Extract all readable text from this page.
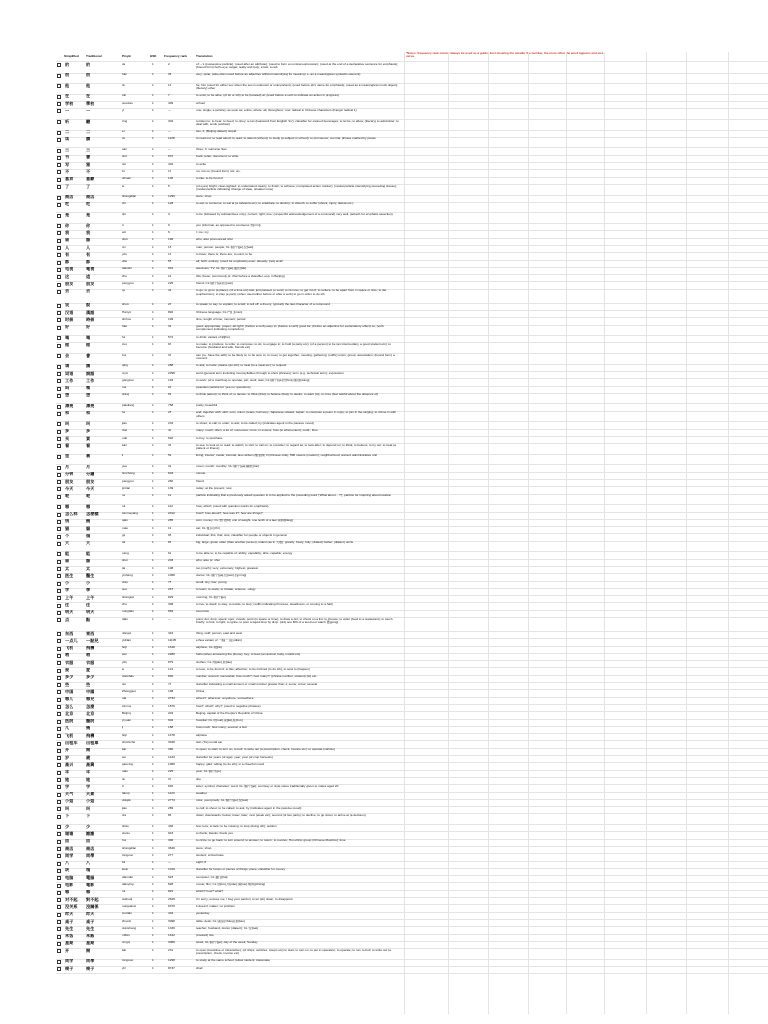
Simplified Traditional	Pinyin	HSK Frequency rank	Translation
*Notes: frequency rank cannot always be used as a guide. Just showing the smaller the number, the more often the word appears and vice versa.
的	的	de	1	2	of; ~'s (possessive particle); (used after an attribute); (used to form a nominal expression); (used at the end of a declarative sentence for emphasis); (bound form) bull's-eye; target; really and truly; a taxi; a cab
很	很	hěn	1	38	very; quite; (also often used before an adjective without intensifying its meaning i.e. as a meaningless syntactic element)
他	他	tā	1	14	he; him (used for either sex when the sex is unknown or unimportant); (used before sb's name for emphasis); (used as a meaningless mock object); (literary) other
在	在	zài	1	7	to exist; to be alive; (of sb or sth) to be (located) at; (used before a verb to indicate an action in progress)
学校	學校	xuéxiào	1	409	school
一	一	yī	1	—	one; single; a (article); as soon as; entire; whole; all; throughout; 'one' radical in Chinese characters (Kangxi radical 1)
听	聽	tīng	1	302	to listen to; to hear; to heed; to obey; a can (loanword from English 'tin'); classifier for canned beverages; to let be; to allow; (literary) to administer; to deal with; smile (archaic)
二	二	èr	1	—	two; 2; (Beijing dialect) stupid
读	讀	dú	1	1128	to read out; to read aloud; to read; to attend (school); to study (a subject in school); to pronounce; comma; phrase marked by pause
三	三	sān	1	—	three; 3; surname San
书	書	shū	1	637	book; letter; document; to write
写	寫	xiě	1	432	to write
不	不	bù	1	13	no; not so; (bound form) not; un-
喜欢	喜歡	xǐhuan	1	130	to like; to be fond of
了	了	le	1	5	(of eyes) bright; clear-sighted; to understand clearly; to finish; to achieve; (completed action marker); (modal particle intensifying preceding clause); (modal particle indicating change of state, situation now)
商店	商店	shāngdiàn	1	1290	store; shop
吃	吃	chī	1	128	to eat; to consume; to eat at (a cafeteria etc); to eradicate; to destroy; to absorb; to suffer (shock, injury, defeat etc.)
是	是	shì	1	3	to be (followed by substantives only); correct; right; true; (respectful acknowledgement of a command) very well; (adverb for emphatic assertion)
你	你	nǐ	1	9	you (informal, as opposed to courteous 您[nín])
我	我	wǒ	1	6	I; me; my
谁	誰	shéi	1	196	who; also pronounced shuí
人	人	rén	1	16	man; person; people; CL:個|个[gè],位[wèi]
有	有	yǒu	1	19	to have; there is; there are; to exist; to be
都	都	dōu	1	55	all; both; entirely; (used for emphasis) even; already; (not) at all
电视	電視	diànshì	1	901	television; TV; CL:個|个[gè],臺|台[tái]
这	這	zhè	1	11	this; these; (commonly pr. zhèi before a classifier, esp. in Beijing)
朋友	朋友	péngyou	1	225	friend; CL:個|个[gè],位[wèi]
去	去	qù	1	49	to go; to go to (a place); (of a time etc) last; just passed; to send; to remove; to get rid of; to reduce; to be apart from in space or time; to die (euphemism); to play (a part); (when used either before or after a verb) to go in order to do sth
说	說	shuō	1	23	to speak; to say; to explain; to scold; to tell off; a theory; typically the last character of a compound
汉语	漢語	Hànyǔ	1	892	Chinese language; CL:門|门[mén]
时候	時候	shíhou	1	199	time; length of time; moment; period
好	好	hǎo	1	31	good; appropriate; proper; all right!; (before a verb) easy to; (before a verb) good for; (before an adjective for exclamatory effect) so; (verb complement indicating completion)
喝	喝	hē	1	572	to drink; variant of 嗬[hē]
做	做	zuò	1	93	to make; to produce; to write; to compose; to do; to engage in; to hold (a party etc); (of a person) to be (an intermediary, a good student etc); to become (husband and wife, friends etc)
会	會	huì	1	33	can (i.e. have the skill); to be likely to; to be sure to; to meet; to get together; meeting; gathering; (suffix) union; group; association; (bound form) a moment
请	請	qǐng	1	288	to ask; to invite; please (do sth); to treat (to a meal etc); to request
词语	詞語	cíyǔ	1	2098	word (general term including monosyllables through to short phrases); term (e.g. technical term); expression
工作	工作	gōngzuò	1	193	to work; (of a machine) to operate; job; work; task; CL:個|个[gè],份[fèn],項|项[xiàng]
吗	嗎	ma	1	24	(question particle for 'yes-no' questions)
想	想	xiǎng	1	69	to think (about); to think of; to devise; to think (that); to believe (that); to desire; to want (to); to miss (feel wistful about the absence of)
漂亮	漂亮	piàoliang	1	768	pretty; beautiful
和	和	hé	1	26	and; together with; with; sum; union; peace; harmony; Japanese related; Japan; to compose a poem in reply; to join in the singing; to chime in with others
叫	叫	jiào	1	234	to shout; to call; to order; to ask; to be called; by (indicates agent in the passive mood)
多	多	duō	1	40	many; much; often; a lot of; numerous; more; in excess; how (to what extent); multi-; Duo
买	買	mǎi	1	546	to buy; to purchase
看	看	kàn	1	34	to see; to look at; to read; to watch; to visit; to call on; to consider; to regard as; to look after; to depend on; to think; to believe; to try out; to treat (a patient or illness)
里	裏	lǐ	1	51	lining; interior; inside; internal; also written 裡|里[lǐ]; li (Chinese mile); 500 meters (modern); neighborhood; ancient administrative unit
月	月	yuè	1	32	moon; month; monthly; CL:個|个[gè],輪|轮[lún]
分钟	分鐘	fēnzhōng	1	603	minute
朋友	朋友	péngyou	1	260	friend
今天	今天	jīntiān	1	139	today; at the present; now
呢	呢	ne	1	12	particle indicating that a previously asked question is to be applied to the preceding word ('What about ...?'); particle for inquiring about location
哪	哪	nǎ	1	112	how; which; (used with question words for emphasis)
怎么样 怎麼樣	zěnmeyàng	1	2012	how?; how about?; how was it?; how are things?
钱	錢	qián	1	285	coin; money; CL:筆|笔[bǐ]; unit of weight, one tenth of a tael 兩|两[liǎng]
猫	貓	māo	1	19	cat; CL:隻|只[zhī]
个	個	gè	1	98	individual; this; that; size; classifier for people or objects in general
大	大	dà	1	89	big; large; great; older (than another person); eldest (as in 大姐); greatly; freely; fully; (dialect) father; (dialect) uncle
能	能	néng	1	62	to be able to; to be capable of; ability; capability; able; capable; energy
谁	誰	shéi	1	203	who; also pr. shuí
太	太	tài	1	108	too (much); very; extremely; highest; greatest
医生	醫生	yīshēng	1	1068	doctor; CL:個|个[gè],位[wèi],名[míng]
小	小	xiǎo	1	75	small; tiny; few; young
学	學	xué	1	267	to learn; to study; to imitate; science; -ology
上午	上午	shàngwǔ	1	829	morning; CL:個|个[gè]
住	住	zhù	1	308	to live; to dwell; to stay; to reside; to stop; (suffix indicating firmness, steadiness, or coming to a halt)
明天	明天	míngtiān	1	669	tomorrow
点	點	diǎn	1	—	point; dot; drop; speck; spot; o'clock; point (in space or time); to draw a dot; to check on a list; to choose; to order (food in a restaurant); to touch briefly; to hint; to light; to ignite; to pour a liquid drop by drop; (old) one fifth of a two-hour watch 更[gēng]
东西	東西	dōngxi	1	316	thing; stuff; person; east and west
一点儿 一點兒	yīdiǎnr	1	11105	erhua variant of 一點|一点[yīdiǎn]
飞机	飛機	fēijī	1	1618	airplane; CL:架[jià]
喂	喂	wèi	1	2280	hello (when answering the phone); hey; to feed (an animal, baby, invalid etc)
衣服	衣服	yīfu	1	879	clothes; CL:件[jiàn],套[tào]
爱	愛	ài	1	121	to love; to be fond of; to like; affection; to be inclined (to do sth); to tend to (happen)
多少	多少	duōshǎo	1	830	number; amount; somewhat; how much?; how many?; (phrase number, student) (to) etc.
些	些	xiē	1	73	classifier indicating a small amount or small number greater than 1; some; a few; several
中国	中國	Zhōngguó	1	198	China
哪儿	哪兒	nǎr	1	2733	where?; wherever; anywhere; somewhere
怎么	怎麼	zěnme	1	1576	how?; what?; why?; (used in negative phrases)
北京	北京	Běijīng	1	203	Beijing, capital of the People's Republic of China
医院	醫院	yīyuàn	1	602	hospital; CL:所[suǒ],家[jiā],座[zuò]
几	幾	jǐ	1	158	how much; how many; several; a few
飞机	飛機	fēijī	1	1478	airplane
出租车 出租車	chūzūchē	1	3048	taxi; (Tw) rental car
开	開	kāi	1	390	to open; to start; to turn on; to boil; to write out (a prescription, check, invoice etc); to operate (vehicle)
岁	歲	suì	1	1443	classifier for years (of age); year; year (of crop harvests)
高兴	高興	gāoxìng	1	1080	happy; glad; willing (to do sth); in a cheerful mood
年	年	nián	1	225	year; CL:個|个[gè]
她	她	tā	1	37	she
字	字	zì	1	640	letter; symbol; character; word; CL:個|个[gè]; courtesy or style name traditionally given to males aged 20
天气	天氣	tiānqì	1	1123	weather
小姐	小姐	xiǎojiě	1	2774	miss; young lady; CL:個|个[gè],位[wèi]
叫	叫	jiào	1	289	to call; to shout; to be called; to ask; by (indicates agent in the passive mood)
下	下	xià	1	88	down; downwards; below; lower; later; next (week etc); second (of two parts); to decline; to go down; to arrive at (a decision)
少	少	shǎo	1	436	few; less; to lack; to be missing; to stop (doing sth); seldom
谢谢	謝謝	xièxie	1	943	to thank; thanks; thank you
回	回	huí	1	306	to circle; to go back; to turn around; to answer; to return; to revolve; Hui ethnic group (Chinese Muslims); time
商店	商店	shāngdiàn	1	3649	store; shop
同学	同學	tóngxué	1	277	student; schoolmate
八	八	bā	1	—	eight; 8
块	塊	kuài	1	1016	classifier for lumps or pieces of things; piece; classifier for money
电脑	電腦	diànnǎo	1	623	computer; CL:臺|台[tái]
电影	電影	diànyǐng	1	828	movie; film; CL:部[bù],片[piàn],幕[mù],場|场[chǎng]
哪	哪	nǎ	1	822	which? how? what?
对不起 對不起	duìbuqǐ	1	2629	I'm sorry; excuse me; I beg your pardon; to let (sb) down; to disappoint
没关系 沒關係	méiguānxi	1	6379	it doesn't matter; no problem
昨天	昨天	zuótiān	1	434	yesterday
桌子	桌子	zhuōzi	1	3098	table; desk; CL:張|张[zhāng],套[tào]
先生	先生	xiānsheng	1	1339	teacher; husband; doctor (dialect); CL:位[wèi]
米饭	米飯	mǐfàn	1	1612	(cooked) rice
星期	星期	xīngqī	1	3089	week; CL:個|个[gè]; day of the week; Sunday
开	開	kāi	1	231	to open (transitive or intransitive); (of ships, vehicles, troops etc) to start; to turn on; to put in operation; to operate; to run; to boil; to write out (a prescription, check, invoice etc)
同学	同學	tóngxué	1	1298	to study at the same school; fellow student; classmate
椅子	椅子	yǐzi	1	8737	chair
